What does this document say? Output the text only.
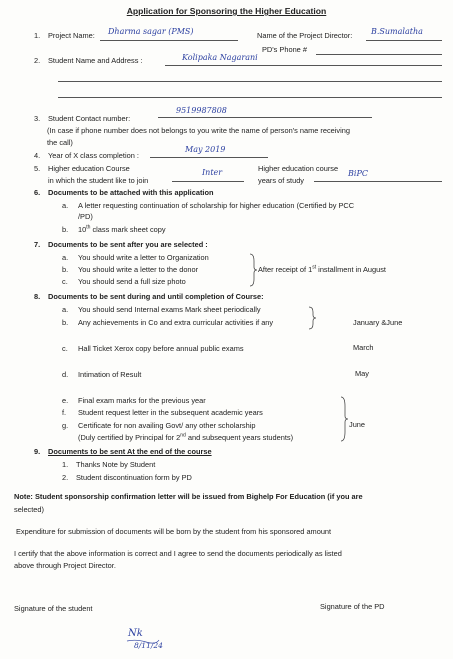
Application for Sponsoring the Higher Education
1. Project Name: Dharma sagar (PMS)	Name of the Project Director: B.Sumalatha
PD's Phone #
2. Student Name and Address :	Kolipaka Nagarani
3. Student Contact number:
9519987808
(In case if phone number does not belongs to you write the name of person's name receiving
the call)
4. Year of X class completion :
May 2019
5. Higher education Course
in which the student like to join
Inter	Higher education course
years of study
BiPC
6. Documents to be attached with this application
a. A letter requesting continuation of scholarship for higher education (Certified by PCC
/PD)
b. 10th class mark sheet copy
7. Documents to be sent after you are selected :
a. You should write a letter to Organization
b. You should write a letter to the donor
c. You should send a full size photo
After receipt of 1st installment in August
8. Documents to be sent during and until completion of Course:
a. You should send Internal exams Mark sheet periodically
b. Any achievements in Co and extra curricular activities if any	January &June
c. Hall Ticket Xerox copy before annual public exams	March
d. Intimation of Result	May
e. Final exam marks for the previous year
f. Student request letter in the subsequent academic years
g. Certificate for non availing Govt/ any other scholarship
(Duly certified by Principal for 2nd and subsequent years students)
June
9. Documents to be sent At the end of the course
1. Thanks Note by Student
2. Student discontinuation form by PD
Note: Student sponsorship confirmation letter will be issued from Bighelp For Education (if you are
selected)
Expenditure for submission of documents will be born by the student from his sponsored amount
I certify that the above information is correct and I agree to send the documents periodically as listed
above through Project Director.
Signature of the student	Signature of the PD
Nk
8/11/24
